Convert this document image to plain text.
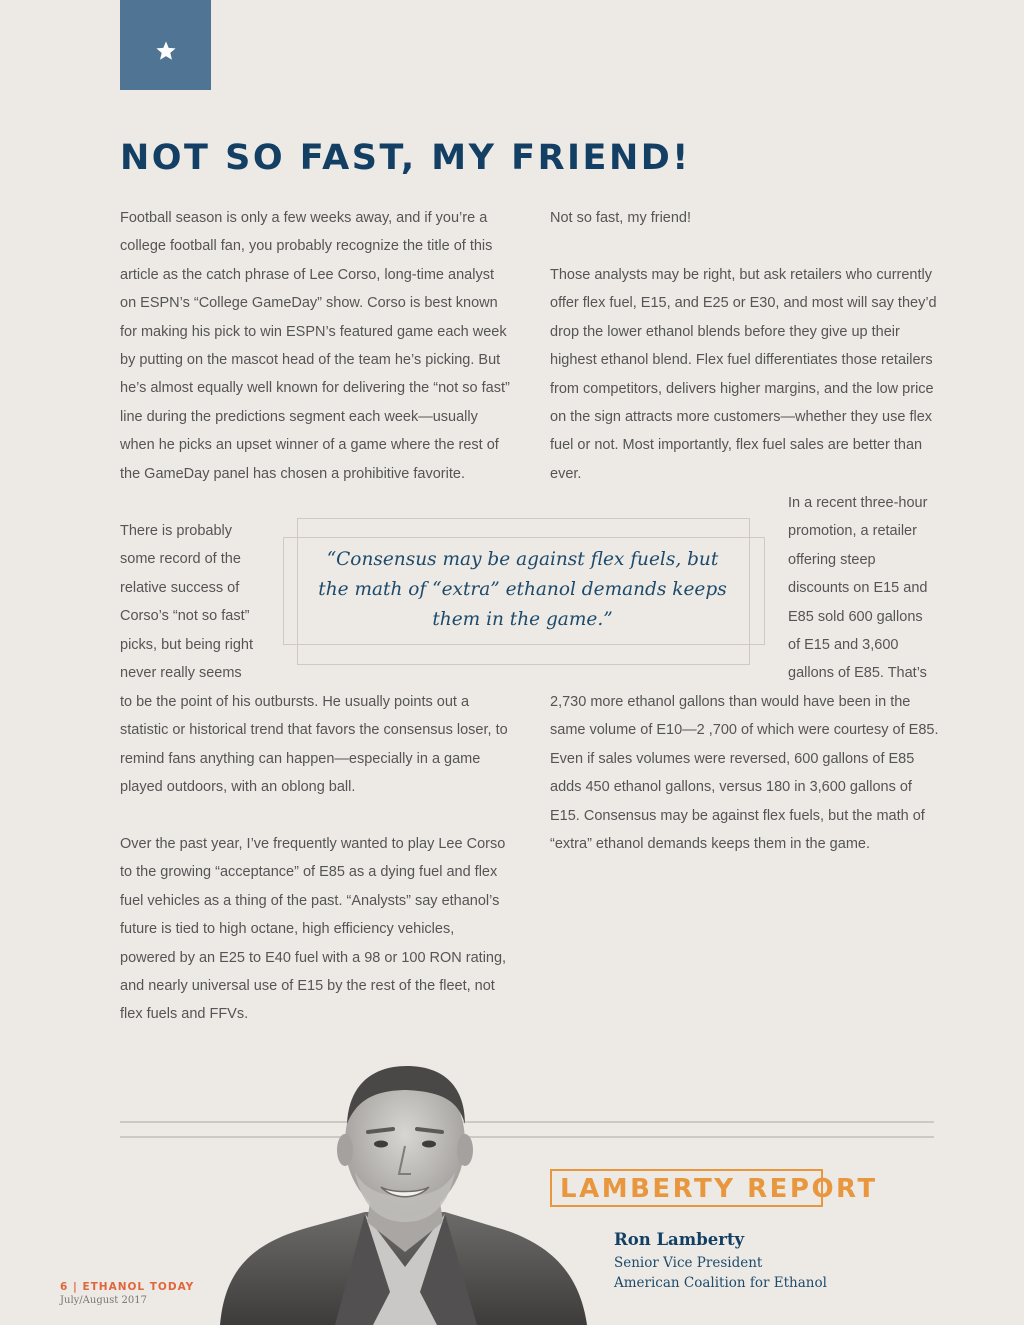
NOT SO FAST, MY FRIEND!

Football season is only a few weeks away, and if you’re a college football fan, you probably recognize the title of this article as the catch phrase of Lee Corso, long-time analyst on ESPN’s “College GameDay” show. Corso is best known for making his pick to win ESPN’s featured game each week by putting on the mascot head of the team he’s picking. But he’s almost equally well known for delivering the “not so fast” line during the predictions segment each week—usually when he picks an upset winner of a game where the rest of the GameDay panel has chosen a prohibitive favorite.

There is probably some record of the relative success of Corso’s “not so fast” picks, but being right never really seems

to be the point of his outbursts. He usually points out a statistic or historical trend that favors the consensus loser, to remind fans anything can happen—especially in a game played outdoors, with an oblong ball.

Over the past year, I’ve frequently wanted to play Lee Corso to the growing “acceptance” of E85 as a dying fuel and flex fuel vehicles as a thing of the past. “Analysts” say ethanol’s future is tied to high octane, high efficiency vehicles, powered by an E25 to E40 fuel with a 98 or 100 RON rating, and nearly universal use of E15 by the rest of the fleet, not flex fuels and FFVs.

Not so fast, my friend!

Those analysts may be right, but ask retailers who currently offer flex fuel, E15, and E25 or E30, and most will say they’d drop the lower ethanol blends before they give up their highest ethanol blend. Flex fuel differentiates those retailers from competitors, delivers higher margins, and the low price on the sign attracts more customers—whether they use flex fuel or not. Most importantly, flex fuel sales are better than ever.

In a recent three-hour promotion, a retailer offering steep discounts on E15 and E85 sold 600 gallons of E15 and 3,600 gallons of E85. That’s

2,730 more ethanol gallons than would have been in the same volume of E10—2 ,700 of which were courtesy of E85. Even if sales volumes were reversed, 600 gallons of E85 adds 450 ethanol gallons, versus 180 in 3,600 gallons of E15. Consensus may be against flex fuels, but the math of “extra” ethanol demands keeps them in the game.

“Consensus may be against flex fuels, but the math of “extra” ethanol demands keeps them in the game.”

LAMBERTY REPORT

Ron Lamberty

Senior Vice President

American Coalition for Ethanol

6 | ETHANOL TODAY

July/August 2017
